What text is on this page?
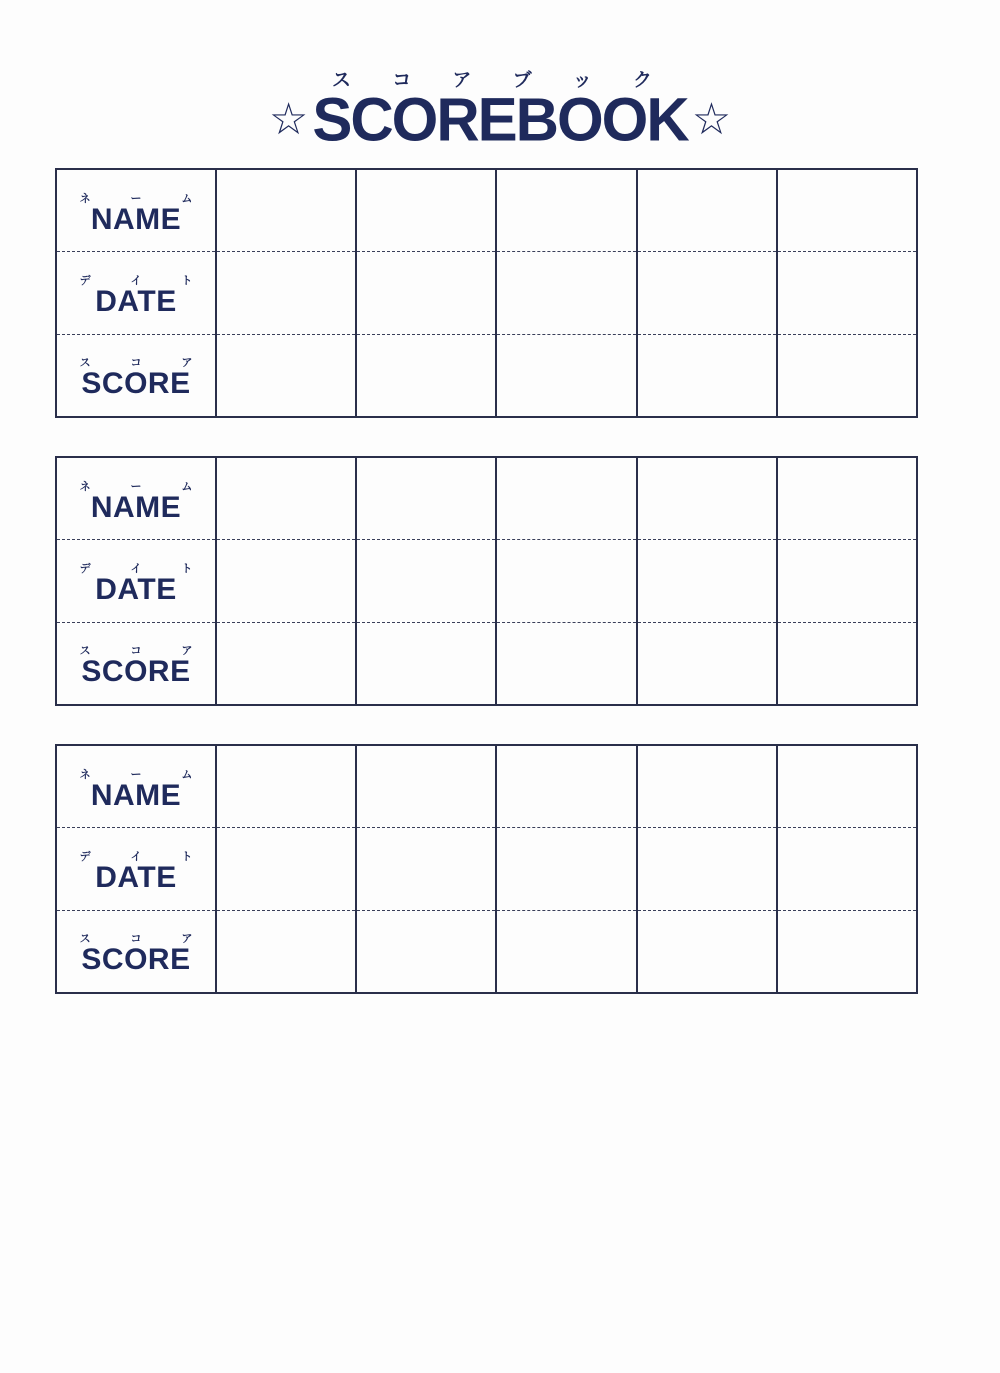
ス コ ア ブ ッ ク
☆ SCOREBOOK ☆
ネ ー ム
NAME
デ イ ト
DATE
ス コ ア
SCORE
ネ ー ム
NAME
デ イ ト
DATE
ス コ ア
SCORE
ネ ー ム
NAME
デ イ ト
DATE
ス コ ア
SCORE
